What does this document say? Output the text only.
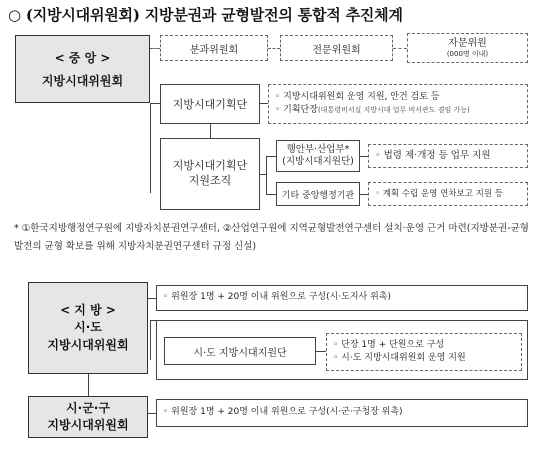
○ (지방시대위원회) 지방분권과 균형발전의 통합적 추진체계
< 중 앙 >
지방시대위원회
분과위원회	전문위원회
자문위원
(000명 이내)
지방시대기획단
◦ 지방시대위원회 운영 지원, 안건 검토 등
◦ 기획단장(대통령비서실 지방시대 업무 비서관도 겸임 가능)
지방시대기획단
지원조직
행안부·산업부*
(지방시대지원단)
◦ 법령 제·개정 등 업무 지원
기타 중앙행정기관 ◦ 계획 수립 운영 연차보고 지원 등
* ①한국지방행정연구원에 지방자치분권연구센터, ②산업연구원에 지역균형발전연구센터 설치·운영 근거 마련(지방분권-균형발전의 균형 확보를 위해 지방자치분권연구센터 규정 신설)
< 지 방 >
시·도
지방시대위원회
◦ 위원장 1명 + 20명 이내 위원으로 구성(시·도지사 위촉)
시·도 지방시대지원단
◦ 단장 1명 + 단원으로 구성
◦ 시·도 지방시대위원회 운영 지원
시·군·구
지방시대위원회
◦ 위원장 1명 + 20명 이내 위원으로 구성(시·군·구청장 위촉)
